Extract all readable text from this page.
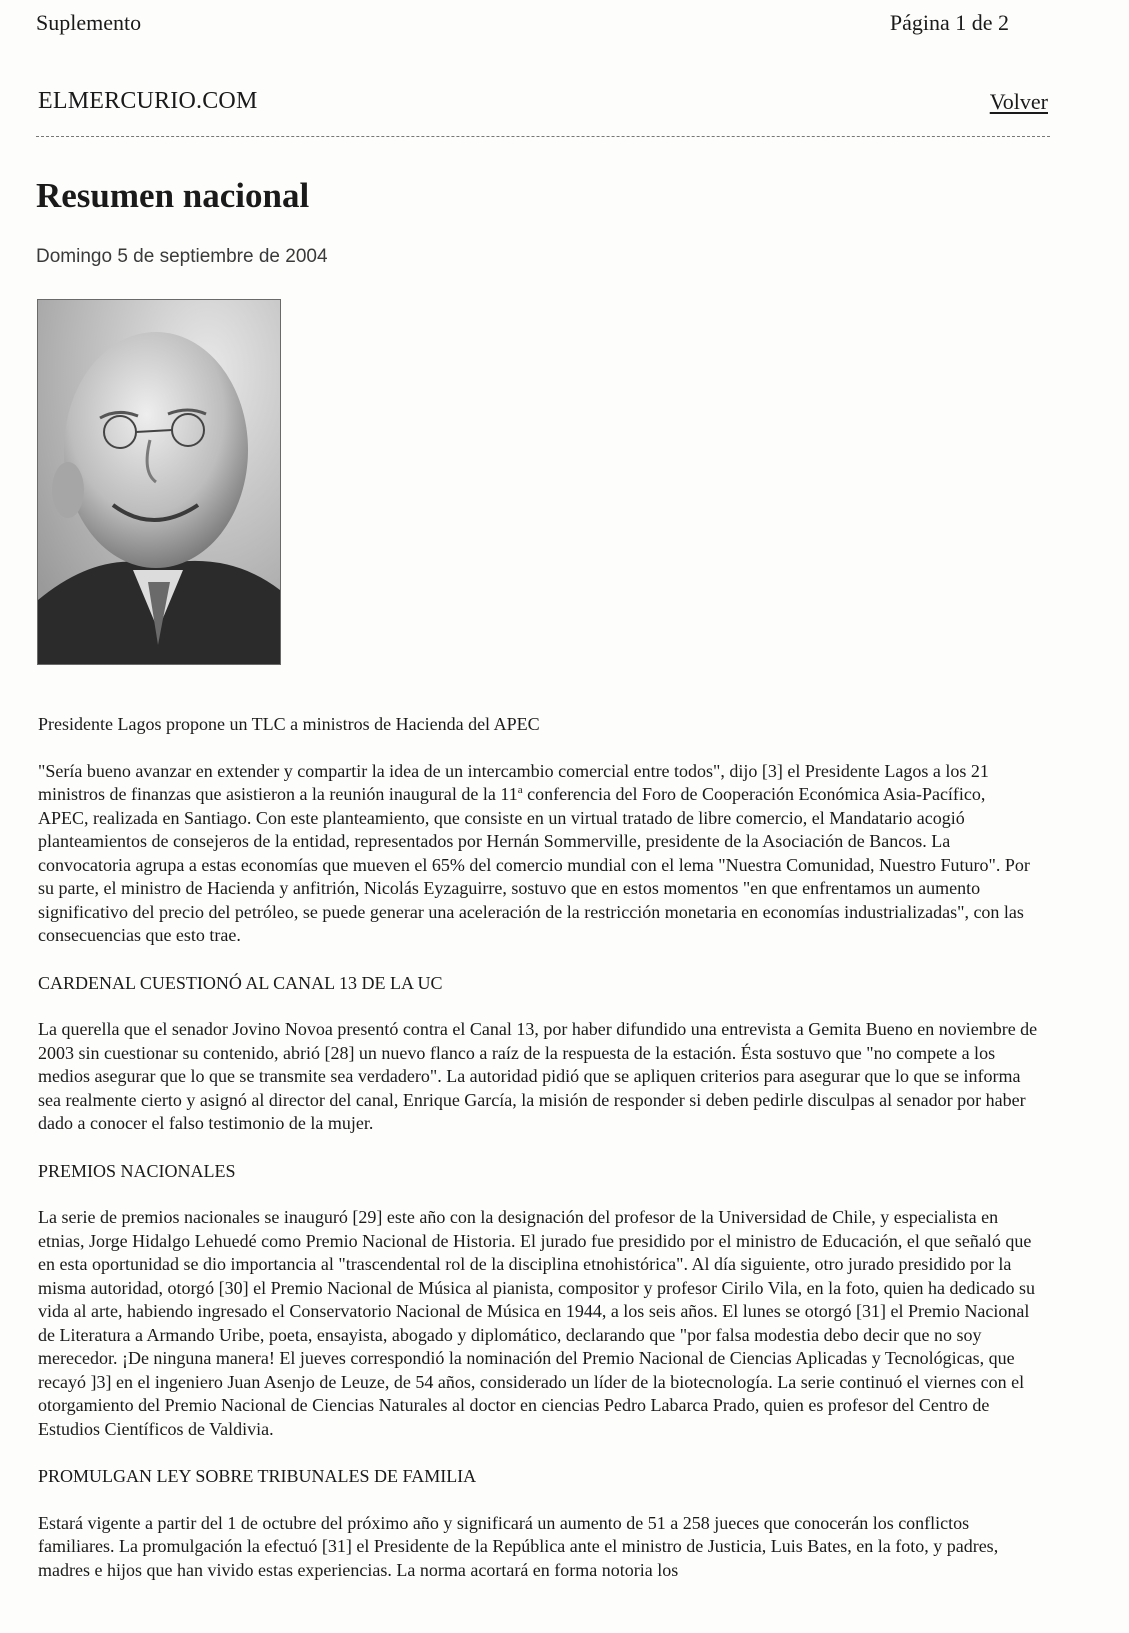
Suplemento	Página 1 de 2
ELMERCURIO.COM	Volver
Resumen nacional
Domingo 5 de septiembre de 2004

Presidente Lagos propone un TLC a ministros de Hacienda del APEC

"Sería bueno avanzar en extender y compartir la idea de un intercambio comercial entre todos", dijo [3] el Presidente Lagos a los 21 ministros de finanzas que asistieron a la reunión inaugural de la 11$^a$ conferencia del Foro de Cooperación Económica Asia-Pacífico, APEC, realizada en Santiago. Con este planteamiento, que consiste en un virtual tratado de libre comercio, el Mandatario acogió planteamientos de consejeros de la entidad, representados por Hernán Sommerville, presidente de la Asociación de Bancos. La convocatoria agrupa a estas economías que mueven el 65% del comercio mundial con el lema "Nuestra Comunidad, Nuestro Futuro". Por su parte, el ministro de Hacienda y anfitrión, Nicolás Eyzaguirre, sostuvo que en estos momentos "en que enfrentamos un aumento significativo del precio del petróleo, se puede generar una aceleración de la restricción monetaria en economías industrializadas", con las consecuencias que esto trae.

CARDENAL CUESTIONÓ AL CANAL 13 DE LA UC

La querella que el senador Jovino Novoa presentó contra el Canal 13, por haber difundido una entrevista a Gemita Bueno en noviembre de 2003 sin cuestionar su contenido, abrió [28] un nuevo flanco a raíz de la respuesta de la estación. Ésta sostuvo que "no compete a los medios asegurar que lo que se transmite sea verdadero". La autoridad pidió que se apliquen criterios para asegurar que lo que se informa sea realmente cierto y asignó al director del canal, Enrique García, la misión de responder si deben pedirle disculpas al senador por haber dado a conocer el falso testimonio de la mujer.

PREMIOS NACIONALES

La serie de premios nacionales se inauguró [29] este año con la designación del profesor de la Universidad de Chile, y especialista en etnias, Jorge Hidalgo Lehuedé como Premio Nacional de Historia. El jurado fue presidido por el ministro de Educación, el que señaló que en esta oportunidad se dio importancia al "trascendental rol de la disciplina etnohistórica". Al día siguiente, otro jurado presidido por la misma autoridad, otorgó [30] el Premio Nacional de Música al pianista, compositor y profesor Cirilo Vila, en la foto, quien ha dedicado su vida al arte, habiendo ingresado el Conservatorio Nacional de Música en 1944, a los seis años. El lunes se otorgó [31] el Premio Nacional de Literatura a Armando Uribe, poeta, ensayista, abogado y diplomático, declarando que "por falsa modestia debo decir que no soy merecedor. ¡De ninguna manera! El jueves correspondió la nominación del Premio Nacional de Ciencias Aplicadas y Tecnológicas, que recayó ]3] en el ingeniero Juan Asenjo de Leuze, de 54 años, considerado un líder de la biotecnología. La serie continuó el viernes con el otorgamiento del Premio Nacional de Ciencias Naturales al doctor en ciencias Pedro Labarca Prado, quien es profesor del Centro de Estudios Científicos de Valdivia.

PROMULGAN LEY SOBRE TRIBUNALES DE FAMILIA

Estará vigente a partir del 1 de octubre del próximo año y significará un aumento de 51 a 258 jueces que conocerán los conflictos familiares. La promulgación la efectuó [31] el Presidente de la República ante el ministro de Justicia, Luis Bates, en la foto, y padres, madres e hijos que han vivido estas experiencias. La norma acortará en forma notoria los
